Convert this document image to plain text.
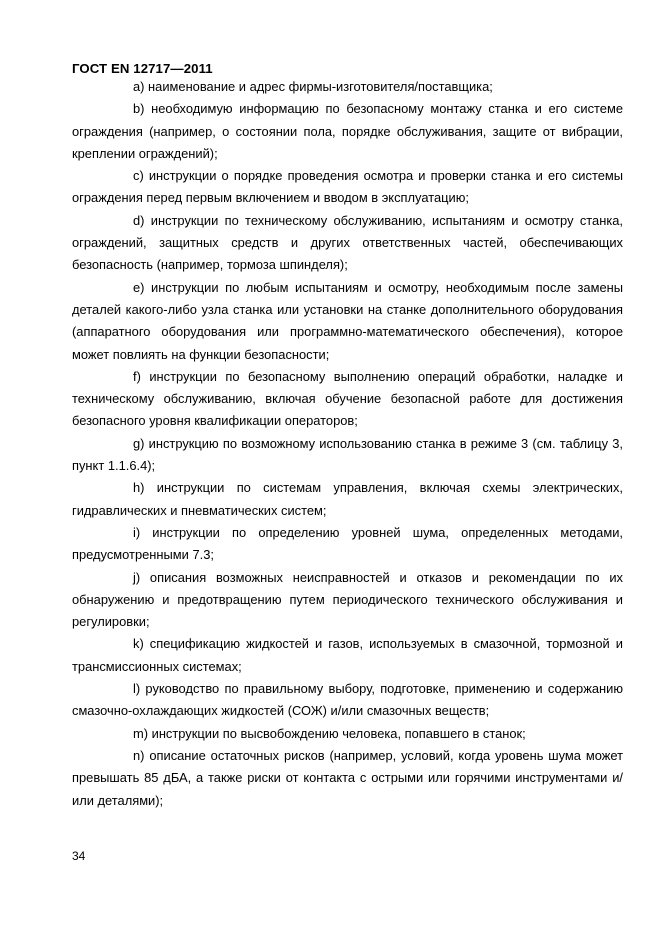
ГОСТ EN 12717—2011

a) наименование и адрес фирмы-изготовителя/поставщика;

b) необходимую информацию по безопасному монтажу станка и его системе ограждения (например, о состоянии пола, порядке обслуживания, защите от вибрации, креплении ограждений);

c) инструкции о порядке проведения осмотра и проверки станка и его системы ограждения перед первым включением и вводом в эксплуатацию;

d) инструкции по техническому обслуживанию, испытаниям и осмотру станка, ограждений, защитных средств и других ответственных частей, обеспечивающих безопасность (например, тормоза шпинделя);

e) инструкции по любым испытаниям и осмотру, необходимым после замены деталей какого-либо узла станка или установки на станке дополнительного оборудования (аппаратного оборудования или программно-математического обеспечения), которое может повлиять на функции безопасности;

f) инструкции по безопасному выполнению операций обработки, наладке и техническому обслуживанию, включая обучение безопасной работе для достижения безопасного уровня квалификации операторов;

g) инструкцию по возможному использованию станка в режиме 3 (см. таблицу 3, пункт 1.1.6.4);

h) инструкции по системам управления, включая схемы электрических, гидравлических и пневматических систем;

i) инструкции по определению уровней шума, определенных методами, предусмотренными 7.3;

j) описания возможных неисправностей и отказов и рекомендации по их обнаружению и предотвращению путем периодического технического обслуживания и регулировки;

k) спецификацию жидкостей и газов, используемых в смазочной, тормозной и трансмиссионных системах;

l) руководство по правильному выбору, подготовке, применению и содержанию смазочно-охлаждающих жидкостей (СОЖ) и/или смазочных веществ;

m) инструкции по высвобождению человека, попавшего в станок;

n) описание остаточных рисков (например, условий, когда уровень шума может превышать 85 дБА, а также риски от контакта с острыми или горячими инструментами и/или деталями);

34
